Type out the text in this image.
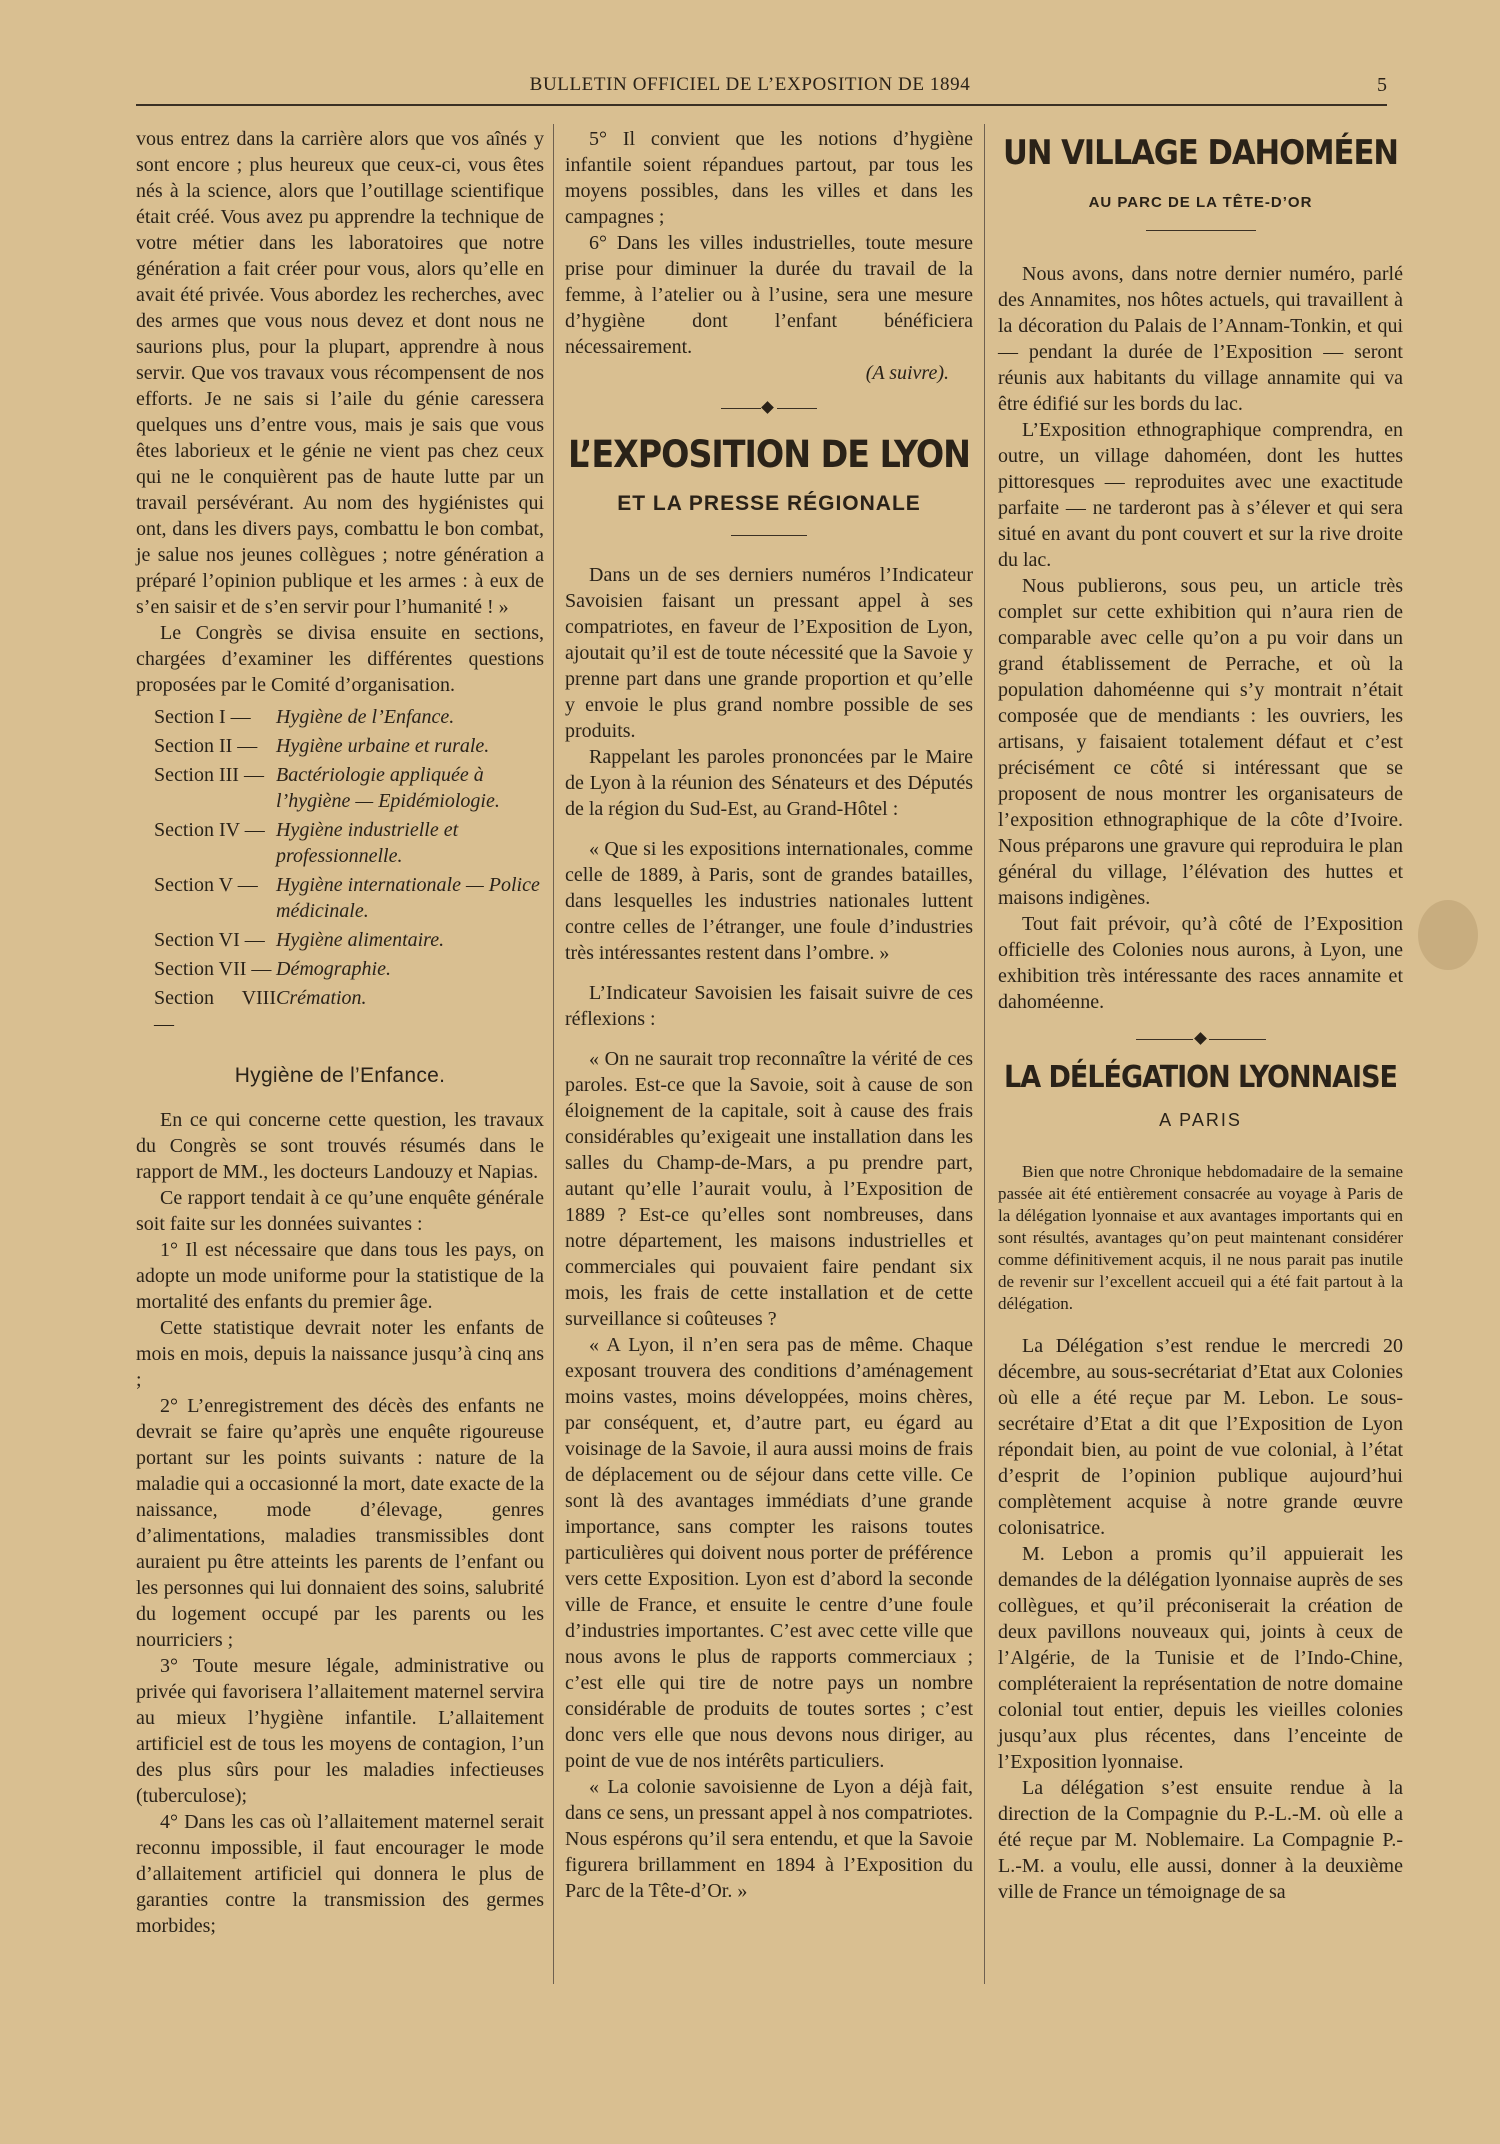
BULLETIN OFFICIEL DE L’EXPOSITION DE 1894	5

vous entrez dans la carrière alors que vos aînés y sont encore ; plus heureux que ceux-ci, vous êtes nés à la science, alors que l’outillage scientifique était créé. Vous avez pu apprendre la technique de votre métier dans les laboratoires que notre génération a fait créer pour vous, alors qu’elle en avait été privée. Vous abordez les recherches, avec des armes que vous nous devez et dont nous ne saurions plus, pour la plupart, apprendre à nous servir. Que vos travaux vous récompensent de nos efforts. Je ne sais si l’aile du génie caressera quelques uns d’entre vous, mais je sais que vous êtes laborieux et le génie ne vient pas chez ceux qui ne le conquièrent pas de haute lutte par un travail persévérant. Au nom des hygiénistes qui ont, dans les divers pays, combattu le bon combat, je salue nos jeunes collègues ; notre génération a préparé l’opinion publique et les armes : à eux de s’en saisir et de s’en servir pour l’humanité ! »

Le Congrès se divisa ensuite en sections, chargées d’examiner les différentes questions proposées par le Comité d’organisation.

Section I —	Hygiène de l’Enfance.
Section II — Hygiène urbaine et rurale.
Section III — Bactériologie appliquée à l’hygiène — Epidémiologie.
Section IV — Hygiène industrielle et professionnelle.
Section V — Hygiène internationale — Police médicinale.
Section VI — Hygiène alimentaire.
Section VII — Démographie.
Section VIII —
Crémation.
Hygiène de l’Enfance.

En ce qui concerne cette question, les travaux du Congrès se sont trouvés résumés dans le rapport de MM., les docteurs Landouzy et Napias.

Ce rapport tendait à ce qu’une enquête générale soit faite sur les données suivantes :

1° Il est nécessaire que dans tous les pays, on adopte un mode uniforme pour la statistique de la mortalité des enfants du premier âge.

Cette statistique devrait noter les enfants de mois en mois, depuis la naissance jusqu’à cinq ans ;

2° L’enregistrement des décès des enfants ne devrait se faire qu’après une enquête rigoureuse portant sur les points suivants : nature de la maladie qui a occasionné la mort, date exacte de la naissance, mode d’élevage, genres d’alimentations, maladies transmissibles dont auraient pu être atteints les parents de l’enfant ou les personnes qui lui donnaient des soins, salubrité du logement occupé par les parents ou les nourriciers ;

3° Toute mesure légale, administrative ou privée qui favorisera l’allaitement maternel servira au mieux l’hygiène infantile. L’allaitement artificiel est de tous les moyens de contagion, l’un des plus sûrs pour les maladies infectieuses (tuberculose);

4° Dans les cas où l’allaitement maternel serait reconnu impossible, il faut encourager le mode d’allaitement artificiel qui donnera le plus de garanties contre la transmission des germes morbides;

5° Il convient que les notions d’hygiène infantile soient répandues partout, par tous les moyens possibles, dans les villes et dans les campagnes ;

6° Dans les villes industrielles, toute mesure prise pour diminuer la durée du travail de la femme, à l’atelier ou à l’usine, sera une mesure d’hygiène dont l’enfant bénéficiera nécessairement.

(A suivre).

L’EXPOSITION DE LYON
ET LA PRESSE RÉGIONALE

Dans un de ses derniers numéros l’Indicateur Savoisien faisant un pressant appel à ses compatriotes, en faveur de l’Exposition de Lyon, ajoutait qu’il est de toute nécessité que la Savoie y prenne part dans une grande proportion et qu’elle y envoie le plus grand nombre possible de ses produits.

Rappelant les paroles prononcées par le Maire de Lyon à la réunion des Sénateurs et des Députés de la région du Sud-Est, au Grand-Hôtel :

« Que si les expositions internationales, comme celle de 1889, à Paris, sont de grandes batailles, dans lesquelles les industries nationales luttent contre celles de l’étranger, une foule d’industries très intéressantes restent dans l’ombre. »

L’Indicateur Savoisien les faisait suivre de ces réflexions :

« On ne saurait trop reconnaître la vérité de ces paroles. Est-ce que la Savoie, soit à cause de son éloignement de la capitale, soit à cause des frais considérables qu’exigeait une installation dans les salles du Champ-de-Mars, a pu prendre part, autant qu’elle l’aurait voulu, à l’Exposition de 1889 ? Est-ce qu’elles sont nombreuses, dans notre département, les maisons industrielles et commerciales qui pouvaient faire pendant six mois, les frais de cette installation et de cette surveillance si coûteuses ?

« A Lyon, il n’en sera pas de même. Chaque exposant trouvera des conditions d’aménagement moins vastes, moins développées, moins chères, par conséquent, et, d’autre part, eu égard au voisinage de la Savoie, il aura aussi moins de frais de déplacement ou de séjour dans cette ville. Ce sont là des avantages immédiats d’une grande importance, sans compter les raisons toutes particulières qui doivent nous porter de préférence vers cette Exposition. Lyon est d’abord la seconde ville de France, et ensuite le centre d’une foule d’industries importantes. C’est avec cette ville que nous avons le plus de rapports commerciaux ; c’est elle qui tire de notre pays un nombre considérable de produits de toutes sortes ; c’est donc vers elle que nous devons nous diriger, au point de vue de nos intérêts particuliers.

« La colonie savoisienne de Lyon a déjà fait, dans ce sens, un pressant appel à nos compatriotes. Nous espérons qu’il sera entendu, et que la Savoie figurera brillamment en 1894 à l’Exposition du Parc de la Tête-d’Or. »

UN VILLAGE DAHOMÉEN
AU PARC DE LA TÊTE-D’OR

Nous avons, dans notre dernier numéro, parlé des Annamites, nos hôtes actuels, qui travaillent à la décoration du Palais de l’Annam-Tonkin, et qui — pendant la durée de l’Exposition — seront réunis aux habitants du village annamite qui va être édifié sur les bords du lac.

L’Exposition ethnographique comprendra, en outre, un village dahoméen, dont les huttes pittoresques — reproduites avec une exactitude parfaite — ne tarderont pas à s’élever et qui sera situé en avant du pont couvert et sur la rive droite du lac.

Nous publierons, sous peu, un article très complet sur cette exhibition qui n’aura rien de comparable avec celle qu’on a pu voir dans un grand établissement de Perrache, et où la population dahoméenne qui s’y montrait n’était composée que de mendiants : les ouvriers, les artisans, y faisaient totalement défaut et c’est précisément ce côté si intéressant que se proposent de nous montrer les organisateurs de l’exposition ethnographique de la côte d’Ivoire. Nous préparons une gravure qui reproduira le plan général du village, l’élévation des huttes et maisons indigènes.

Tout fait prévoir, qu’à côté de l’Exposition officielle des Colonies nous aurons, à Lyon, une exhibition très intéressante des races annamite et dahoméenne.

LA DÉLÉGATION LYONNAISE
A PARIS

Bien que notre Chronique hebdomadaire de la semaine passée ait été entièrement consacrée au voyage à Paris de la délégation lyonnaise et aux avantages importants qui en sont résultés, avantages qu’on peut maintenant considérer comme définitivement acquis, il ne nous parait pas inutile de revenir sur l’excellent accueil qui a été fait partout à la délégation.

La Délégation s’est rendue le mercredi 20 décembre, au sous-secrétariat d’Etat aux Colonies où elle a été reçue par M. Lebon. Le sous-secrétaire d’Etat a dit que l’Exposition de Lyon répondait bien, au point de vue colonial, à l’état d’esprit de l’opinion publique aujourd’hui complètement acquise à notre grande œuvre colonisatrice.

M. Lebon a promis qu’il appuierait les demandes de la délégation lyonnaise auprès de ses collègues, et qu’il préconiserait la création de deux pavillons nouveaux qui, joints à ceux de l’Algérie, de la Tunisie et de l’Indo-Chine, compléteraient la représentation de notre domaine colonial tout entier, depuis les vieilles colonies jusqu’aux plus récentes, dans l’enceinte de l’Exposition lyonnaise.

La délégation s’est ensuite rendue à la direction de la Compagnie du P.-L.-M. où elle a été reçue par M. Noblemaire. La Compagnie P.-L.-M. a voulu, elle aussi, donner à la deuxième ville de France un témoignage de sa
